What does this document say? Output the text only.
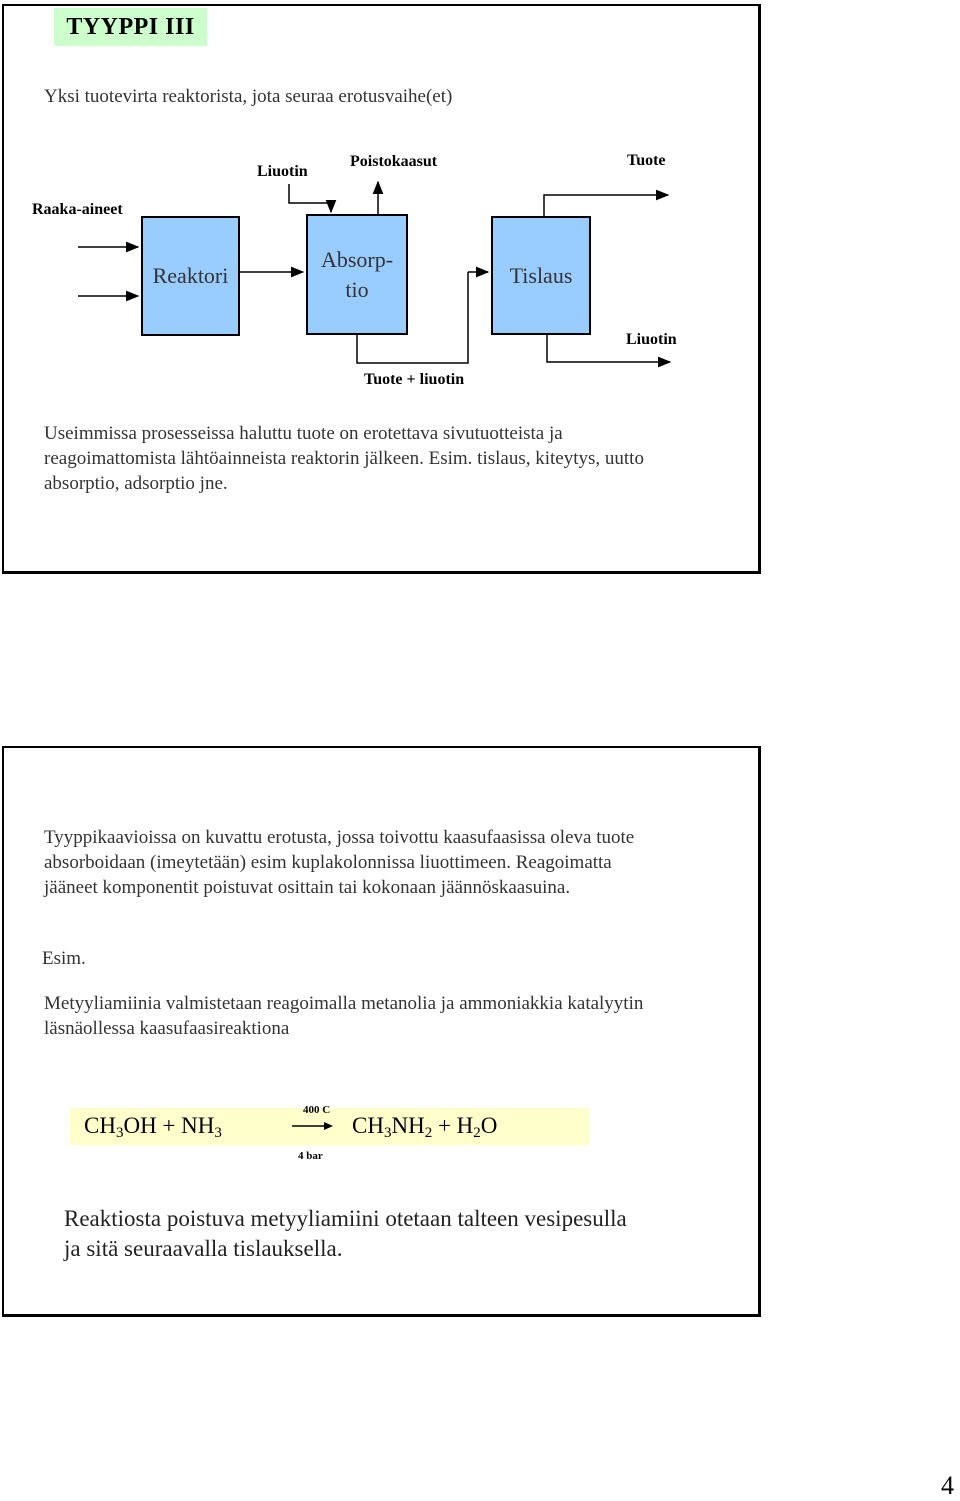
TYYPPI III
Yksi tuotevirta reaktorista, jota seuraa erotusvaihe(et)
Raaka-aineet
Liuotin
Poistokaasut	Tuote
Liuotin
Tuote + liuotin
Reaktori
Absorp-
tio
Tislaus
Useimmissa prosesseissa haluttu tuote on erotettava sivutuotteista ja
reagoimattomista lähtöainneista reaktorin jälkeen. Esim. tislaus, kiteytys, uutto
absorptio, adsorptio jne.
Tyyppikaavioissa on kuvattu erotusta, jossa toivottu kaasufaasissa oleva tuote
absorboidaan (imeytetään) esim kuplakolonnissa liuottimeen. Reagoimatta
jääneet komponentit poistuvat osittain tai kokonaan jäännöskaasuina.
Esim.
Metyyliamiinia valmistetaan reagoimalla metanolia ja ammoniakkia katalyytin
läsnäollessa kaasufaasireaktiona
$CH_3OH + NH_3$	→ $CH_3NH_2 + H_2O$
400 C
4 bar
Reaktiosta poistuva metyyliamiini otetaan talteen vesipesulla
ja sitä seuraavalla tislauksella.
4
